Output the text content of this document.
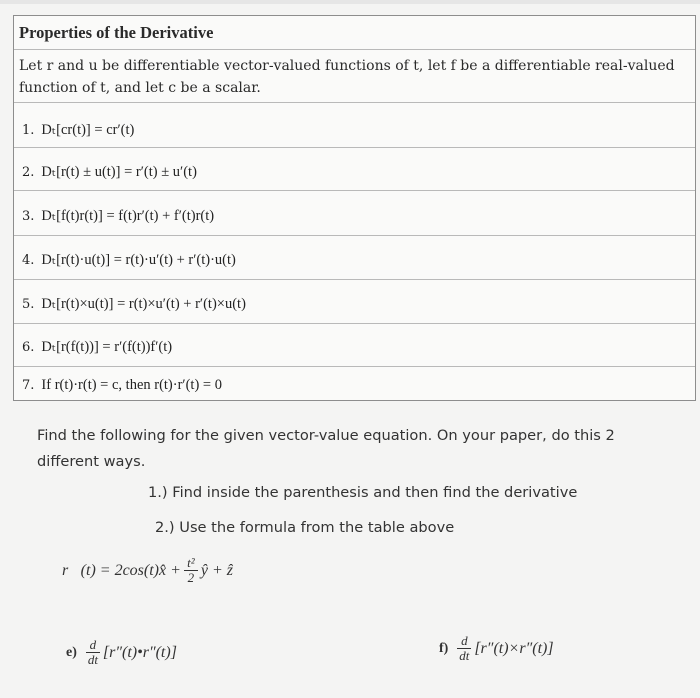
Properties of the Derivative
Let r and u be differentiable vector-valued functions of t, let f be a differentiable real-valued function of t, and let c be a scalar.
1. Dₜ[cr(t)] = cr′(t)
2. Dₜ[r(t) ± u(t)] = r′(t) ± u′(t)
3. Dₜ[f(t)r(t)] = f(t)r′(t) + f′(t)r(t)
4. Dₜ[r(t)·u(t)] = r(t)·u′(t) + r′(t)·u(t)
5. Dₜ[r(t)×u(t)] = r(t)×u′(t) + r′(t)×u(t)
6. Dₜ[r(f(t))] = r′(f(t))f′(t)
7. If r(t)·r(t) = c, then r(t)·r′(t) = 0
Find the following for the given vector-value equation. On your paper, do this 2 different ways.
1.) Find inside the parenthesis and then find the derivative
2.) Use the formula from the table above
r⃗(t) = 2cos(t)x̂ + $\frac{\text{t²}}{2}$ ŷ + ẑ
$e) \frac{d}{dt}$ [r″(t)•r″(t)]	$f) \frac{d}{dt} [r''(t)\times r''(t)]$
